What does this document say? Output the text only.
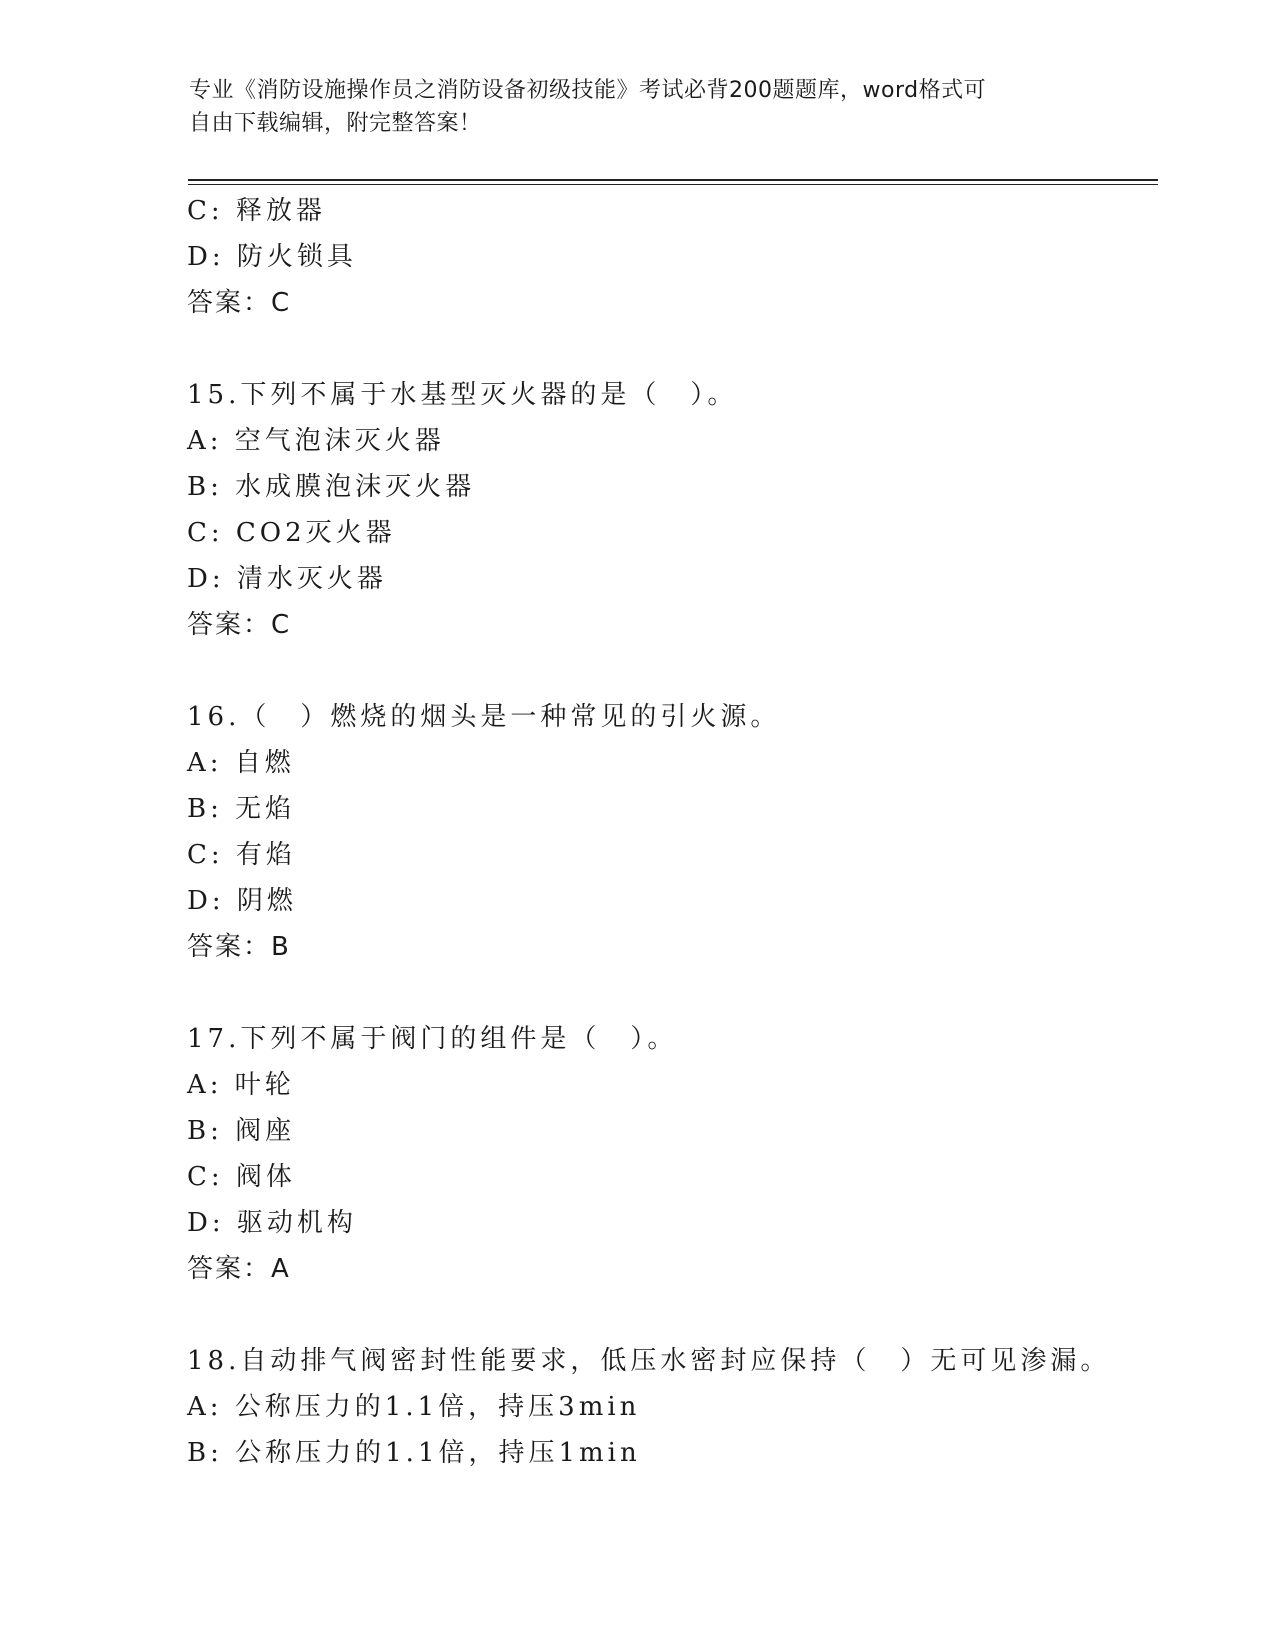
专业《消防设施操作员之消防设备初级技能》考试必背200题题库，word格式可
自由下载编辑，附完整答案！
C: 释放器
D: 防火锁具
答案：C
15.下列不属于水基型灭火器的是（　）。
A: 空气泡沫灭火器
B: 水成膜泡沫灭火器
C: CO2灭火器
D: 清水灭火器
答案：C
16.（　）燃烧的烟头是一种常见的引火源。
A: 自燃
B: 无焰
C: 有焰
D: 阴燃
答案：B
17.下列不属于阀门的组件是（　）。
A: 叶轮
B: 阀座
C: 阀体
D: 驱动机构
答案：A
18.自动排气阀密封性能要求，低压水密封应保持（　）无可见渗漏。
A: 公称压力的1.1倍，持压3min
B: 公称压力的1.1倍，持压1min
